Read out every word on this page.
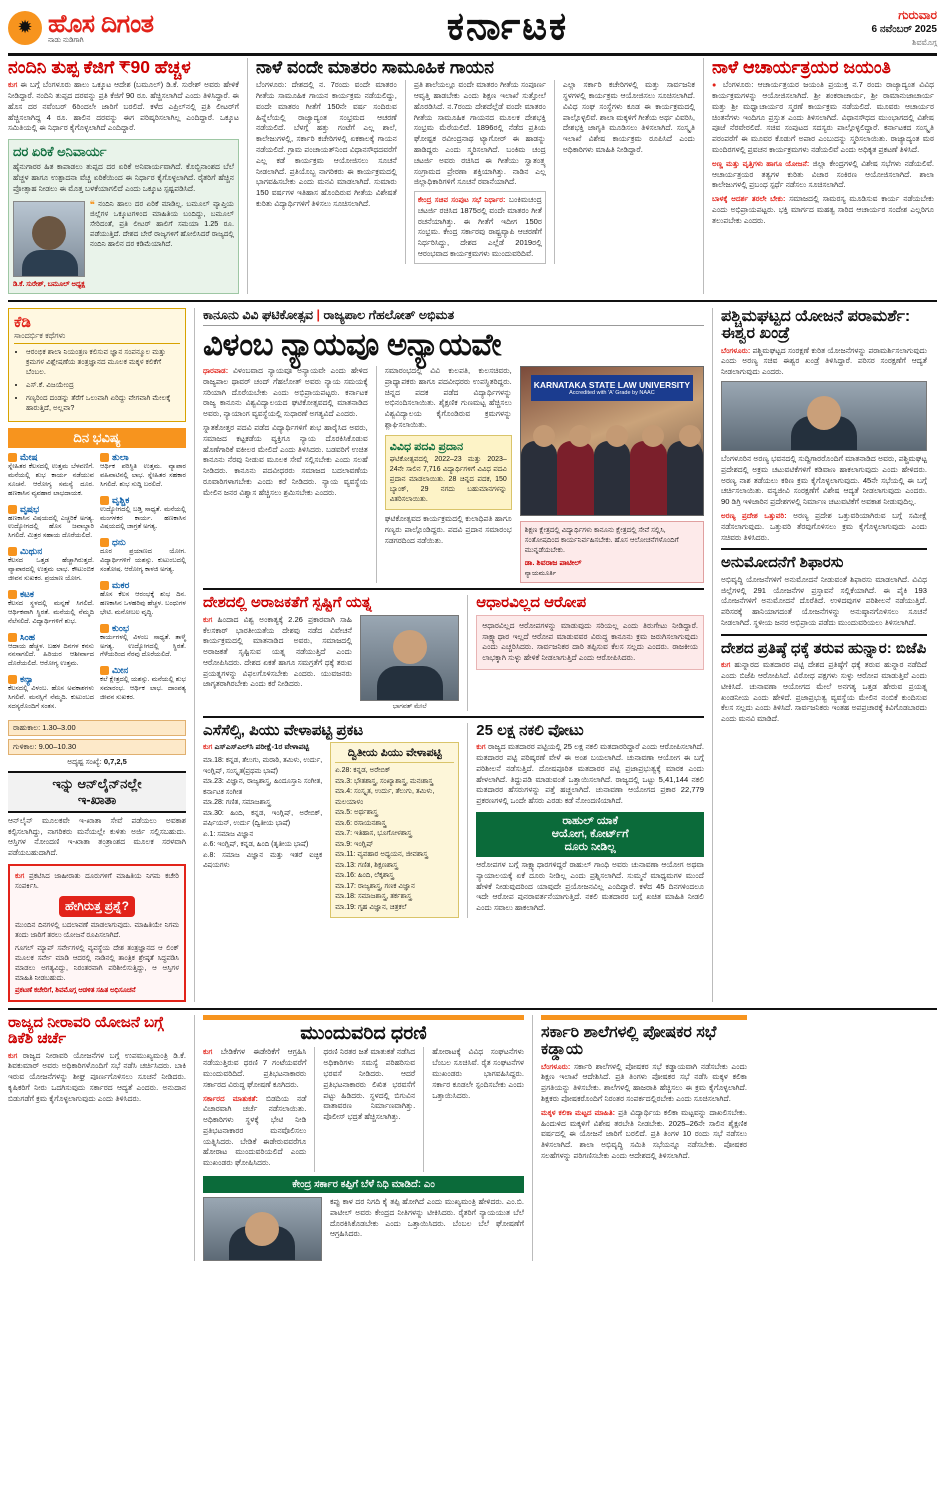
✹ ಹೊಸ ದಿಗಂತ
ನಾಡು ನುಡಿಗಾಗಿ	ಕರ್ನಾಟಕ	ಗುರುವಾರ
6 ನವೆಂಬರ್ 2025
ಶಿವಮೊಗ್ಗ
ನಂದಿನಿ ತುಪ್ಪ ಕೆಜಿಗೆ ₹90 ಹೆಚ್ಚಳ

ಕುಗ ಈ ಬಗ್ಗೆ ಬೆಂಗಳೂರು ಹಾಲು ಒಕ್ಕೂಟ ಆದೇಶ (ಬಮೂಲ್) ಡಿ.ಕೆ. ಸುರೇಶ್ ಅವರು ಹೇಳಿಕೆ ನೀಡಿದ್ದಾರೆ. ನಂದಿನಿ ತುಪ್ಪದ ದರವನ್ನು ಪ್ರತಿ ಕೆಜಿಗೆ 90 ರೂ. ಹೆಚ್ಚಿಸಲಾಗಿದೆ ಎಂದು ತಿಳಿಸಿದ್ದಾರೆ. ಈ ಹೊಸ ದರ ನವೆಂಬರ್ 6ರಿಂದಲೇ ಜಾರಿಗೆ ಬರಲಿದೆ. ಕಳೆದ ಎಪ್ರಿಲ್‌ನಲ್ಲಿ ಪ್ರತಿ ಲೀಟರ್‌ಗೆ ಹೆಚ್ಚಿಸಲಾಗಿದ್ದ 4 ರೂ. ಹಾಲಿನ ದರವನ್ನು ಈಗ ಪರಿಷ್ಕರಿಸಲಾಗಿಲ್ಲ ಎಂದಿದ್ದಾರೆ. ಒಕ್ಕೂಟ ಸಮಿತಿಯಲ್ಲಿ ಈ ನಿರ್ಧಾರ ಕೈಗೊಳ್ಳಲಾಗಿದೆ ಎಂದಿದ್ದಾರೆ.

ದರ ಏರಿಕೆ ಅನಿವಾರ್ಯ
ಹೈನುಗಾರರ ಹಿತ ಕಾಪಾಡಲು ತುಪ್ಪದ ದರ ಏರಿಕೆ ಅನಿವಾರ್ಯವಾಗಿದೆ. ಕೊಬ್ಬಿನಾಂಶದ ಬೆಲೆ ಹೆಚ್ಚಳ ಹಾಗೂ ಉತ್ಪಾದನಾ ವೆಚ್ಚ ಏರಿಕೆಯಿಂದ ಈ ನಿರ್ಧಾರ ಕೈಗೊಳ್ಳಲಾಗಿದೆ. ರೈತರಿಗೆ ಹೆಚ್ಚಿನ ಪ್ರೋತ್ಸಾಹ ನೀಡಲು ಈ ಮೊತ್ತ ಬಳಕೆಯಾಗಲಿದೆ ಎಂದು ಒಕ್ಕೂಟ ಸ್ಪಷ್ಟಪಡಿಸಿದೆ.
❝ ನಂದಿನಿ ಹಾಲು ದರ ಏರಿಕೆ ಮಾಡಿಲ್ಲ. ಬಮೂಲ್ ವ್ಯಾಪ್ತಿಯ ಜಿಲ್ಲೆಗಳ ಒಕ್ಕೂಟಗಳಿಂದ ಮಾಹಿತಿಯ ಬಂದಿದ್ದು, ಬಮೂಲ್ ಸೇರಿದಂತೆ, ಪ್ರತಿ ಲೀಟರ್ ಹಾಲಿಗೆ ಸಮಯಾ 1.25 ರೂ. ಪಡೆಯುತ್ತಿದೆ. ದೇಶದ ಬೇರೆ ರಾಜ್ಯಗಳಿಗೆ ಹೋಲಿಸಿದರೆ ರಾಜ್ಯದಲ್ಲಿ ನಂದಿನಿ ಹಾಲಿನ ದರ ಕಡಿಮೆಯಾಗಿದೆ.
ಡಿ.ಕೆ. ಸುರೇಶ್, ಬಮೂಲ್ ಅಧ್ಯಕ್ಷ
ನಾಳೆ ವಂದೇ ಮಾತರಂ ಸಾಮೂಹಿಕ ಗಾಯನ

ಬೆಂಗಳೂರು: ದೇಶದಲ್ಲಿ ನ. 7ರಂದು ವಂದೇ ಮಾತರಂ ಗೀತೆಯ ಸಾಮೂಹಿಕ ಗಾಯನ ಕಾರ್ಯಕ್ರಮ ನಡೆಯಲಿದ್ದು, ವಂದೇ ಮಾತರಂ ಗೀತೆಗೆ 150ನೇ ವರ್ಷ ಸಂದಿರುವ ಹಿನ್ನೆಲೆಯಲ್ಲಿ ರಾಜ್ಯಾದ್ಯಂತ ಸಂಭ್ರಮದ ಆಚರಣೆ ನಡೆಯಲಿದೆ. ಬೆಳಗ್ಗೆ ಹತ್ತು ಗಂಟೆಗೆ ಎಲ್ಲ ಶಾಲೆ, ಕಾಲೇಜುಗಳಲ್ಲಿ, ಸರ್ಕಾರಿ ಕಚೇರಿಗಳಲ್ಲಿ ಏಕಕಾಲಕ್ಕೆ ಗಾಯನ ನಡೆಯಲಿದೆ. ಗ್ರಾಮ ಪಂಚಾಯತ್‌ನಿಂದ ವಿಧಾನಸೌಧದವರೆಗೆ ಎಲ್ಲ ಕಡೆ ಕಾರ್ಯಕ್ರಮ ಆಯೋಜಿಸಲು ಸೂಚನೆ ನೀಡಲಾಗಿದೆ. ಪ್ರತಿಯೊಬ್ಬ ನಾಗರಿಕರು ಈ ಕಾರ್ಯಕ್ರಮದಲ್ಲಿ ಭಾಗವಹಿಸಬೇಕು ಎಂದು ಮನವಿ ಮಾಡಲಾಗಿದೆ. ಸುಮಾರು 150 ವರ್ಷಗಳ ಇತಿಹಾಸ ಹೊಂದಿರುವ ಗೀತೆಯ ವಿಶೇಷತೆ ಕುರಿತು ವಿದ್ಯಾರ್ಥಿಗಳಿಗೆ ತಿಳಿಸಲು ಸೂಚಿಸಲಾಗಿದೆ.

ಪ್ರತಿ ಶಾಲೆಯಲ್ಲೂ ವಂದೇ ಮಾತರಂ ಗೀತೆಯ ಸಂಪೂರ್ಣ ಆವೃತ್ತಿ ಹಾಡಬೇಕು ಎಂದು ಶಿಕ್ಷಣ ಇಲಾಖೆ ಸುತ್ತೋಲೆ ಹೊರಡಿಸಿದೆ. ನ.7ರಂದು ದೇಶದೆಲ್ಲೆಡೆ ವಂದೇ ಮಾತರಂ ಗೀತೆಯ ಸಾಮೂಹಿಕ ಗಾಯನದ ಮೂಲಕ ದೇಶಭಕ್ತಿ ಸಂಭ್ರಮ ಮೆರೆಯಲಿದೆ. 1896ರಲ್ಲಿ ನೆಡೆದ ಪ್ರತಿಯ ಘೋಷ್ಟಕ ರವೀಂದ್ರನಾಥ ಟ್ಯಾಗೋರ್ ಈ ಹಾಡನ್ನು ಹಾಡಿದ್ದರು ಎಂದು ಸ್ಮರಿಸಲಾಗಿದೆ. ಬಂಕಿಮ ಚಂದ್ರ ಚಟರ್ಜಿ ಅವರು ರಚಿಸಿದ ಈ ಗೀತೆಯು ಸ್ವಾತಂತ್ರ್ಯ ಸಂಗ್ರಾಮದ ಪ್ರೇರಣಾ ಶಕ್ತಿಯಾಗಿತ್ತು. ನಾಡಿನ ಎಲ್ಲ ಜಿಲ್ಲಾಧಿಕಾರಿಗಳಿಗೆ ಸೂಚನೆ ರವಾನೆಯಾಗಿದೆ.

ಕೇಂದ್ರ ಸಚಿವ ಸಂಪುಟ ಸಭೆ ನಿರ್ಧಾರ: ಬಂಕಿಮಚಂದ್ರ ಚಟರ್ಜಿ ರಚಿಸಿದ 1875ರಲ್ಲಿ ವಂದೇ ಮಾತರಂ ಗೀತೆ ರಚನೆಯಾಗಿತ್ತು. ಈ ಗೀತೆಗೆ ಇದೀಗ 150ರ ಸಂಭ್ರಮ. ಕೇಂದ್ರ ಸರ್ಕಾರವು ರಾಷ್ಟ್ರವ್ಯಾಪಿ ಆಚರಣೆಗೆ ನಿರ್ಧರಿಸಿದ್ದು, ದೇಶದ ಎಲ್ಲೆಡೆ 2019ರಲ್ಲಿ ಆರಂಭವಾದ ಕಾರ್ಯಕ್ರಮಗಳು ಮುಂದುವರಿದಿವೆ.

ಎಲ್ಲಾ ಸರ್ಕಾರಿ ಕಚೇರಿಗಳಲ್ಲಿ ಮತ್ತು ಸಾರ್ವಜನಿಕ ಸ್ಥಳಗಳಲ್ಲಿ ಕಾರ್ಯಕ್ರಮ ಆಯೋಜಿಸಲು ಸೂಚಿಸಲಾಗಿದೆ. ವಿವಿಧ ಸಂಘ ಸಂಸ್ಥೆಗಳು ಕೂಡ ಈ ಕಾರ್ಯಕ್ರಮದಲ್ಲಿ ಪಾಲ್ಗೊಳ್ಳಲಿವೆ. ಶಾಲಾ ಮಕ್ಕಳಿಗೆ ಗೀತೆಯ ಅರ್ಥ ವಿವರಿಸಿ, ದೇಶಭಕ್ತಿ ಜಾಗೃತಿ ಮೂಡಿಸಲು ತಿಳಿಸಲಾಗಿದೆ. ಸಂಸ್ಕೃತಿ ಇಲಾಖೆ ವಿಶೇಷ ಕಾರ್ಯಕ್ರಮ ರೂಪಿಸಿದೆ ಎಂದು ಅಧಿಕಾರಿಗಳು ಮಾಹಿತಿ ನೀಡಿದ್ದಾರೆ.

ನಾಳೆ ಆಚಾರ್ಯತ್ರಯರ ಜಯಂತಿ

● ಬೆಂಗಳೂರು: ಆಚಾರ್ಯತ್ರಯರ ಜಯಂತಿ ಪ್ರಯುಕ್ತ ನ.7 ರಂದು ರಾಜ್ಯಾದ್ಯಂತ ವಿವಿಧ ಕಾರ್ಯಕ್ರಮಗಳನ್ನು ಆಯೋಜಿಸಲಾಗಿದೆ. ಶ್ರೀ ಶಂಕರಾಚಾರ್ಯ, ಶ್ರೀ ರಾಮಾನುಜಾಚಾರ್ಯ ಮತ್ತು ಶ್ರೀ ಮಧ್ವಾಚಾರ್ಯರ ಸ್ಮರಣೆ ಕಾರ್ಯಕ್ರಮ ನಡೆಯಲಿದೆ. ಮೂವರು ಆಚಾರ್ಯರ ಚಿಂತನೆಗಳು ಇಂದಿಗೂ ಪ್ರಸ್ತುತ ಎಂದು ತಿಳಿಸಲಾಗಿದೆ. ವಿಧಾನಸೌಧದ ಮುಂಭಾಗದಲ್ಲಿ ವಿಶೇಷ ಪೂಜೆ ನೆರವೇರಲಿದೆ. ಸಚಿವ ಸಂಪುಟದ ಸದಸ್ಯರು ಪಾಲ್ಗೊಳ್ಳಲಿದ್ದಾರೆ. ಕರ್ನಾಟಕದ ಸಂಸ್ಕೃತಿ ಪರಂಪರೆಗೆ ಈ ಮೂವರ ಕೊಡುಗೆ ಅಪಾರ ಎಂಬುದನ್ನು ಸ್ಮರಿಸಲಾಯಿತು. ರಾಜ್ಯಾದ್ಯಂತ ಮಠ ಮಂದಿರಗಳಲ್ಲಿ ಪ್ರವಚನ ಕಾರ್ಯಕ್ರಮಗಳು ನಡೆಯಲಿವೆ ಎಂದು ಅಧಿಕೃತ ಪ್ರಕಟಣೆ ತಿಳಿಸಿದೆ.

ಅಣ್ಣ ಮತ್ತು ವೃತ್ತಿಗಳು ಹಾಗೂ ಯೋಜನೆ: ಜಿಲ್ಲಾ ಕೇಂದ್ರಗಳಲ್ಲಿ ವಿಶೇಷ ಸಭೆಗಳು ನಡೆಯಲಿವೆ. ಆಚಾರ್ಯತ್ರಯರ ತತ್ವಗಳ ಕುರಿತು ವಿಚಾರ ಸಂಕಿರಣ ಆಯೋಜಿಸಲಾಗಿದೆ. ಶಾಲಾ ಕಾಲೇಜುಗಳಲ್ಲಿ ಪ್ರಬಂಧ ಸ್ಪರ್ಧೆ ನಡೆಸಲು ಸೂಚಿಸಲಾಗಿದೆ.

ಬಾಳಕ್ಕೆ ಆದರ್ಶ ತರಲೇ ಬೇಕು: ಸಮಾಜದಲ್ಲಿ ಸಾಮರಸ್ಯ ಮೂಡಿಸುವ ಕಾರ್ಯ ನಡೆಯಬೇಕು ಎಂದು ಅಭಿಪ್ರಾಯಪಟ್ಟರು. ಭಕ್ತಿ ಮಾರ್ಗದ ಮಹತ್ವ ಸಾರಿದ ಆಚಾರ್ಯರ ಸಂದೇಶ ಎಲ್ಲರಿಗೂ ತಲುಪಬೇಕು ಎಂದರು.

ಕೆಡಿ
ಸಾಂದರ್ಭಿಕ ಕಥೆಗಳು
• ಆರಂಭಿಕ ಶಾಲಾ ನಿಯಂತ್ರಣ ಕಲಿಸುವ ಜ್ಞಾನ ಸಂಪನ್ಮೂಲ ಮತ್ತು ಕ್ರಮಗಳ ವಿಶ್ಲೇಷಣೆಯ ತಂತ್ರಜ್ಞಾನದ ಮೂಲಕ ಮಕ್ಕಳ ಕಲಿಕೆಗೆ ಬೆಂಬಲ.
• ಎಸ್.ಕೆ. ವಿಜಯೇಂದ್ರ
• ಗಣ್ಯರಿಂದ ದಂಡನ್ನು ತೆರೆಗೆ ಒಲುವಾಗಿ ಏರಿದ್ದು ವೇಗವಾಗಿ ಮೇಲಕ್ಕೆ ಹಾರುತ್ತಿದೆ, ಅಲ್ಲವಾ?
ದಿನ ಭವಿಷ್ಯ
ಮೇಷ
ಸ್ನೇಹಿತರ ಕೆಲಸದಲ್ಲಿ ಉತ್ತಮ ಬೆಳವಣಿಗೆ. ಮನೆಯಲ್ಲಿ ಶುಭ ಕಾರ್ಯ ನಡೆಯುವ ಸೂಚನೆ. ಆರೋಗ್ಯ ಸಮಸ್ಯೆ ದೂರ. ಹಣಕಾಸಿನ ವ್ಯವಹಾರ ಲಾಭದಾಯಕ.
ವೃಷಭ
ಹಣಕಾಸಿನ ವಿಷಯದಲ್ಲಿ ಎಚ್ಚರಿಕೆ ಅಗತ್ಯ. ಉದ್ಯೋಗದಲ್ಲಿ ಹೊಸ ಜವಾಬ್ದಾರಿ ಸಿಗಲಿದೆ. ಮಿತ್ರರ ಸಹಾಯ ದೊರೆಯಲಿದೆ.
ಮಿಥುನ
ಕೆಲಸದ ಒತ್ತಡ ಹೆಚ್ಚಾಗಿರುತ್ತದೆ. ವ್ಯಾಪಾರದಲ್ಲಿ ಉತ್ತಮ ಲಾಭ. ಕೌಟುಂಬಿಕ ಜೀವನ ಸುಖಕರ. ಪ್ರಯಾಣ ಯೋಗ.
ಕಟಕ
ಕೆಲಸದ ಸ್ಥಳದಲ್ಲಿ ಮನ್ನಣೆ ಸಿಗಲಿದೆ. ಆರ್ಥಿಕವಾಗಿ ಸ್ಥಿರತೆ. ಮನೆಯಲ್ಲಿ ನೆಮ್ಮದಿ ನೆಲೆಸಲಿದೆ. ವಿದ್ಯಾರ್ಥಿಗಳಿಗೆ ಶುಭ.
ಸಿಂಹ
ಆದಾಯ ಹೆಚ್ಚಳ. ಬಹಳ ದಿನಗಳ ಕನಸು ನನಸಾಗಲಿದೆ. ಹಿರಿಯರ ಆಶೀರ್ವಾದ ದೊರೆಯಲಿದೆ. ಆರೋಗ್ಯ ಉತ್ತಮ.
ಕನ್ಯಾ
ಕೆಲಸದಲ್ಲಿ ವಿಳಂಬ. ಹೊಸ ಅವಕಾಶಗಳು ಸಿಗಲಿವೆ. ಮನಸ್ಸಿಗೆ ನೆಮ್ಮದಿ. ಕುಟುಂಬದ ಸದಸ್ಯರೊಂದಿಗೆ ಸಂತಸ.
ತುಲಾ
ಆರ್ಥಿಕ ಪರಿಸ್ಥಿತಿ ಉತ್ತಮ. ವ್ಯಾಪಾರ ವಹಿವಾಟಿನಲ್ಲಿ ಲಾಭ. ಸ್ನೇಹಿತರ ಸಹಕಾರ ಸಿಗಲಿದೆ. ಶುಭ ಸುದ್ದಿ ಬರಲಿದೆ.
ವೃಶ್ಚಿಕ
ಉದ್ಯೋಗದಲ್ಲಿ ಬಡ್ತಿ ಸಾಧ್ಯತೆ. ಮನೆಯಲ್ಲಿ ಮಂಗಳಕರ ಕಾರ್ಯ. ಹಣಕಾಸಿನ ವಿಷಯದಲ್ಲಿ ಜಾಗ್ರತೆ ಅಗತ್ಯ.
ಧನು
ದೂರ ಪ್ರಯಾಣದ ಯೋಗ. ವಿದ್ಯಾರ್ಥಿಗಳಿಗೆ ಯಶಸ್ಸು. ಕುಟುಂಬದಲ್ಲಿ ಸಂತೋಷ. ಆರೋಗ್ಯ ಕಾಳಜಿ ಅಗತ್ಯ.
ಮಕರ
ಹೊಸ ಕೆಲಸ ಆರಂಭಕ್ಕೆ ಶುಭ ದಿನ. ಹಣಕಾಸಿನ ಒಳಹರಿವು ಹೆಚ್ಚಳ. ಬಂಧುಗಳ ಭೇಟಿ. ಮನೋಬಲ ವೃದ್ಧಿ.
ಕುಂಭ
ಕಾರ್ಯಗಳಲ್ಲಿ ವಿಳಂಬ ಸಾಧ್ಯತೆ. ತಾಳ್ಮೆ ಅಗತ್ಯ. ಉದ್ಯೋಗದಲ್ಲಿ ಸ್ಥಿರತೆ. ಗೆಳೆಯರಿಂದ ನೆರವು ದೊರೆಯಲಿದೆ.
ಮೀನ
ಕಲೆ ಕ್ಷೇತ್ರದಲ್ಲಿ ಯಶಸ್ಸು. ಮನೆಯಲ್ಲಿ ಶುಭ ಸಮಾರಂಭ. ಆರ್ಥಿಕ ಲಾಭ. ದಾಂಪತ್ಯ ಜೀವನ ಸುಖಕರ.
ರಾಹುಕಾಲ: 1.30–3.00
ಗುಳಿಕಾಲ: 9.00–10.30
ಅದೃಷ್ಟ ಸಂಖ್ಯೆ: 0,7,2,5
ಇನ್ನು ಆನ್‌ಲೈನ್‌ನಲ್ಲೇ
ಇ-ಖಾತಾ
ಆನ್‌ಲೈನ್ ಮೂಲಕವೇ ಇ-ಖಾತಾ ಸೇವೆ ಪಡೆಯಲು ಅವಕಾಶ ಕಲ್ಪಿಸಲಾಗಿದ್ದು, ನಾಗರಿಕರು ಮನೆಯಲ್ಲೇ ಕುಳಿತು ಅರ್ಜಿ ಸಲ್ಲಿಸಬಹುದು. ಆಸ್ತಿಗಳ ನೋಂದಣಿ ಇ-ಖಾತಾ ತಂತ್ರಾಂಶದ ಮೂಲಕ ಸರಳವಾಗಿ ಪಡೆಯಬಹುದಾಗಿದೆ.
ಕುಗ ಪ್ರಕಟಿಸಿದ ಜಾಹೀರಾತು ದೂರುಗಳಿಗೆ ಮಾಹಿತಿಯ ನಿಗಮ ಕಚೇರಿ ಸಂಪರ್ಕಿಸಿ.
ಹೇಗಿರುತ್ತ ಪ್ರಶ್ನೆ?
ಮುಂದಿನ ದಿನಗಳಲ್ಲಿ ಬದಲಾವಣೆ ಮಾಡಲಾಗುವುದು. ಮಾಹಿತಿಯೇ ನಿಗಮ ತಂದು ಜಾರಿಗೆ ತರಲು ಯೋಜನೆ ರೂಪಿಸಲಾಗಿದೆ.
ಗೂಗಲ್ ಮ್ಯಾಪ್ ಸರ್ವೇಗಳಲ್ಲಿ ವ್ಯವಸ್ಥೆಯ ದೇಶ ತಂತ್ರಜ್ಞಾನದ ಆ ಲಿಂಕ್ ಮೂಲಕ ಸರ್ವೇ ಮಾಡಿ ಆದರಲ್ಲಿ ನಾಡಿನಲ್ಲಿ ತಾಂತ್ರಿಕ ಶ್ರೇಷ್ಠತೆ ಸಿದ್ಧಪಡಿಸಿ ಮಾಡಲು ಅಗತ್ಯವಿದ್ದು, ನಿರಂತರವಾಗಿ ಪರಿಶೀಲಿಸುತ್ತಿದ್ದು, ಆ ಆಸ್ತಿಗಳ ಮಾಹಿತಿ ನೀಡಬಹುದು.
ಪ್ರಕಟಣೆ ಕಚೇರಿಗೆ, ಶಿವಮೊಗ್ಗ ಆಡಳಿತ ಸಹಿತ ಅಧಿಸೂಚನೆ
ಕಾನೂನು ವಿವಿ ಘಟಿಕೋತ್ಸವ | ರಾಜ್ಯಪಾಲ ಗೆಹಲೋತ್ ಅಭಿಮತ
ವಿಳಂಬ ನ್ಯಾಯವೂ ಅನ್ಯಾಯವೇ

ಧಾರವಾಡ: ವಿಳಂಬವಾದ ನ್ಯಾಯವೂ ಅನ್ಯಾಯವೇ ಎಂದು ಹೇಳಿದ ರಾಜ್ಯಪಾಲ ಥಾವರ್ ಚಂದ್ ಗೆಹಲೋತ್ ಅವರು ನ್ಯಾಯ ಸಮಯಕ್ಕೆ ಸರಿಯಾಗಿ ದೊರೆಯಬೇಕು ಎಂದು ಅಭಿಪ್ರಾಯಪಟ್ಟರು. ಕರ್ನಾಟಕ ರಾಜ್ಯ ಕಾನೂನು ವಿಶ್ವವಿದ್ಯಾಲಯದ ಘಟಿಕೋತ್ಸವದಲ್ಲಿ ಮಾತನಾಡಿದ ಅವರು, ನ್ಯಾಯಾಂಗ ವ್ಯವಸ್ಥೆಯಲ್ಲಿ ಸುಧಾರಣೆ ಅಗತ್ಯವಿದೆ ಎಂದರು.

ಸ್ನಾತಕೋತ್ತರ ಪದವಿ ಪಡೆದ ವಿದ್ಯಾರ್ಥಿಗಳಿಗೆ ಶುಭ ಹಾರೈಸಿದ ಅವರು, ಸಮಾಜದ ಕಟ್ಟಕಡೆಯ ವ್ಯಕ್ತಿಗೂ ನ್ಯಾಯ ದೊರಕಿಸಿಕೊಡುವ ಹೊಣೆಗಾರಿಕೆ ವಕೀಲರ ಮೇಲಿದೆ ಎಂದು ತಿಳಿಸಿದರು. ಬಡವರಿಗೆ ಉಚಿತ ಕಾನೂನು ನೆರವು ನೀಡುವ ಮೂಲಕ ಸೇವೆ ಸಲ್ಲಿಸಬೇಕು ಎಂದು ಸಲಹೆ ನೀಡಿದರು. ಕಾನೂನು ಪದವೀಧರರು ಸಮಾಜದ ಬದಲಾವಣೆಯ ರೂವಾರಿಗಳಾಗಬೇಕು ಎಂದು ಕರೆ ನೀಡಿದರು. ನ್ಯಾಯ ವ್ಯವಸ್ಥೆಯ ಮೇಲಿನ ಜನರ ವಿಶ್ವಾಸ ಹೆಚ್ಚಿಸಲು ಶ್ರಮಿಸಬೇಕು ಎಂದರು.

ಸಮಾರಂಭದಲ್ಲಿ ವಿವಿ ಕುಲಪತಿ, ಕುಲಸಚಿವರು, ಪ್ರಾಧ್ಯಾಪಕರು ಹಾಗೂ ಪದವೀಧರರು ಉಪಸ್ಥಿತರಿದ್ದರು. ಚಿನ್ನದ ಪದಕ ಪಡೆದ ವಿದ್ಯಾರ್ಥಿಗಳನ್ನು ಅಭಿನಂದಿಸಲಾಯಿತು. ಶೈಕ್ಷಣಿಕ ಗುಣಮಟ್ಟ ಹೆಚ್ಚಿಸಲು ವಿಶ್ವವಿದ್ಯಾಲಯ ಕೈಗೊಂಡಿರುವ ಕ್ರಮಗಳನ್ನು ಶ್ಲಾಘಿಸಲಾಯಿತು.

ವಿವಿಧ ಪದವಿ ಪ್ರದಾನ
ಘಟಿಕೋತ್ಸವದಲ್ಲಿ 2022–23 ಮತ್ತು 2023–24ನೇ ಸಾಲಿನ 7,716 ವಿದ್ಯಾರ್ಥಿಗಳಿಗೆ ವಿವಿಧ ಪದವಿ ಪ್ರದಾನ ಮಾಡಲಾಯಿತು. 28 ಚಿನ್ನದ ಪದಕ, 150 ಬ್ಯಾಂಕ್, 29 ನಗದು ಬಹುಮಾನಗಳನ್ನು ವಿತರಿಸಲಾಯಿತು.

ಘಟಿಕೋತ್ಸವದ ಕಾರ್ಯಕ್ರಮದಲ್ಲಿ ಕುಲಾಧಿಪತಿ ಹಾಗೂ ಗಣ್ಯರು ಪಾಲ್ಗೊಂಡಿದ್ದರು. ಪದವಿ ಪ್ರದಾನ ಸಮಾರಂಭ ಸಡಗರದಿಂದ ನಡೆಯಿತು.

KARNATAKA STATE LAW UNIVERSITY
Accredited with 'A' Grade by NAAC
ಶಿಕ್ಷಣ ಕ್ಷೇತ್ರದಲ್ಲಿ ವಿದ್ಯಾರ್ಥಿಗಳು ಕಾನೂನು ಕ್ಷೇತ್ರದಲ್ಲಿ ಸೇವೆ ಸಲ್ಲಿಸಿ, ಸಂತೋಷದಿಂದ ಕಾರ್ಯನಿರ್ವಹಿಸಬೇಕು. ಹೊಸ ಆಲೋಚನೆಗಳೊಂದಿಗೆ ಮುನ್ನಡೆಯಬೇಕು.
ಡಾ. ಶಿವರಾಜ ಪಾಟೀಲ್
ನ್ಯಾಯಮೂರ್ತಿ
ದೇಶದಲ್ಲಿ ಅರಾಜಕತೆಗೆ ಸ್ಪಷ್ಟಿಗೆ ಯತ್ನ

ಕುಗ ಹಿಂದಾದ ವಿಶ್ವ ಅಂಕಾತ್ಯಕ್ಕೆ 2.26 ಪ್ರಕಾರವಾಗಿ ಸಾಹಿ ಕೆಲಸಕಾರ್ ಭಾರತೀಯತೆಯ ದೇಶವು ನಡೆದ ವಿವೇಚನೆ ಕಾರ್ಯಕ್ರಮದಲ್ಲಿ ಮಾತನಾಡಿದ ಅವರು, ಸಮಾಜದಲ್ಲಿ ಅರಾಜಕತೆ ಸೃಷ್ಟಿಸುವ ಯತ್ನ ನಡೆಯುತ್ತಿದೆ ಎಂದು ಆರೋಪಿಸಿದರು. ದೇಶದ ಏಕತೆ ಹಾಗೂ ಸಮಗ್ರತೆಗೆ ಧಕ್ಕೆ ತರುವ ಪ್ರಯತ್ನಗಳನ್ನು ವಿಫಲಗೊಳಿಸಬೇಕು ಎಂದರು. ಯುವಜನರು ಜಾಗೃತರಾಗಿರಬೇಕು ಎಂದು ಕರೆ ನೀಡಿದರು.

ಭಾಗವತ್ ಮೇಲೆ
ಆಧಾರವಿಲ್ಲದ ಆರೋಪ
ಆಧಾರವಿಲ್ಲದ ಆರೋಪಗಳನ್ನು ಮಾಡುವುದು ಸರಿಯಲ್ಲ ಎಂದು ತಿರುಗೇಟು ನೀಡಿದ್ದಾರೆ. ಸಾಕ್ಷ್ಯಾಧಾರ ಇಲ್ಲದೆ ಆರೋಪ ಮಾಡುವವರ ವಿರುದ್ಧ ಕಾನೂನು ಕ್ರಮ ಜರುಗಿಸಲಾಗುವುದು ಎಂದು ಎಚ್ಚರಿಸಿದರು. ಸಾರ್ವಜನಿಕರ ದಾರಿ ತಪ್ಪಿಸುವ ಕೆಲಸ ಸಲ್ಲದು ಎಂದರು. ರಾಜಕೀಯ ಲಾಭಕ್ಕಾಗಿ ಸುಳ್ಳು ಹೇಳಿಕೆ ನೀಡಲಾಗುತ್ತಿದೆ ಎಂದು ಆರೋಪಿಸಿದರು.
ಎಸೆಸೆಲ್ಸಿ, ಪಿಯು ವೇಳಾಪಟ್ಟಿ ಪ್ರಕಟ

ಕುಗ ಎಸ್‌ಎಸ್‌ಎಲ್‌ಸಿ ಪರೀಕ್ಷೆ-1ರ ವೇಳಾಪಟ್ಟಿ

ಮಾ.18: ಕನ್ನಡ, ತೆಲುಗು, ಮರಾಠಿ, ತಮಿಳು, ಉರ್ದು, ಇಂಗ್ಲಿಷ್, ಸಂಸ್ಕೃತ(ಪ್ರಥಮ ಭಾಷೆ)
ಮಾ.23: ವಿಜ್ಞಾನ, ರಾಜ್ಯಶಾಸ್ತ್ರ, ಹಿಂದೂಸ್ತಾನಿ ಸಂಗೀತ, ಕರ್ನಾಟಕ ಸಂಗೀತ
ಮಾ.28: ಗಣಿತ, ಸಮಾಜಶಾಸ್ತ್ರ
ಮಾ.30: ಹಿಂದಿ, ಕನ್ನಡ, ಇಂಗ್ಲಿಷ್, ಅರೇಬಿಕ್, ಪರ್ಷಿಯನ್, ಉರ್ದು (ದ್ವಿತೀಯ ಭಾಷೆ)
ಏ.1: ಸಮಾಜ ವಿಜ್ಞಾನ
ಏ.6: ಇಂಗ್ಲಿಷ್, ಕನ್ನಡ, ಹಿಂದಿ (ತೃತೀಯ ಭಾಷೆ)
ಏ.8: ಸಮಾಜ ವಿಜ್ಞಾನ ಮತ್ತು ಇತರೆ ಐಚ್ಛಿಕ ವಿಷಯಗಳು
ದ್ವಿತೀಯ ಪಿಯು ವೇಳಾಪಟ್ಟಿ
ಏ.28: ಕನ್ನಡ, ಅರೇಬಿಕ್
ಮಾ.3: ಭೌತಶಾಸ್ತ್ರ, ಸಂಖ್ಯಾಶಾಸ್ತ್ರ, ಮನಃಶಾಸ್ತ್ರ
ಮಾ.4: ಸಂಸ್ಕೃತ, ಉರ್ದು, ತೆಲುಗು, ತಮಿಳು, ಮಲಯಾಳಂ
ಮಾ.5: ಅರ್ಥಶಾಸ್ತ್ರ
ಮಾ.6: ರಸಾಯನಶಾಸ್ತ್ರ
ಮಾ.7: ಇತಿಹಾಸ, ಭೂಗೋಳಶಾಸ್ತ್ರ
ಮಾ.9: ಇಂಗ್ಲಿಷ್
ಮಾ.11: ವ್ಯವಹಾರ ಅಧ್ಯಯನ, ಜೀವಶಾಸ್ತ್ರ
ಮಾ.13: ಗಣಿತ, ಶಿಕ್ಷಣಶಾಸ್ತ್ರ
ಮಾ.16: ಹಿಂದಿ, ಲೆಕ್ಕಶಾಸ್ತ್ರ
ಮಾ.17: ರಾಜ್ಯಶಾಸ್ತ್ರ, ಗಣಕ ವಿಜ್ಞಾನ
ಮಾ.18: ಸಮಾಜಶಾಸ್ತ್ರ, ತರ್ಕಶಾಸ್ತ್ರ
ಮಾ.19: ಗೃಹ ವಿಜ್ಞಾನ, ಚಿತ್ರಕಲೆ
25 ಲಕ್ಷ ನಕಲಿ ವೋಟು

ಕುಗ ರಾಜ್ಯದ ಮತದಾರರ ಪಟ್ಟಿಯಲ್ಲಿ 25 ಲಕ್ಷ ನಕಲಿ ಮತದಾರರಿದ್ದಾರೆ ಎಂದು ಆರೋಪಿಸಲಾಗಿದೆ. ಮತದಾರರ ಪಟ್ಟಿ ಪರಿಷ್ಕರಣೆ ವೇಳೆ ಈ ಅಂಶ ಬಯಲಾಗಿದೆ. ಚುನಾವಣಾ ಆಯೋಗ ಈ ಬಗ್ಗೆ ಪರಿಶೀಲನೆ ನಡೆಸುತ್ತಿದೆ. ದೋಷಪೂರಿತ ಮತದಾರರ ಪಟ್ಟಿ ಪ್ರಜಾಪ್ರಭುತ್ವಕ್ಕೆ ಮಾರಕ ಎಂದು ಹೇಳಲಾಗಿದೆ. ತಿದ್ದುಪಡಿ ಮಾಡುವಂತೆ ಒತ್ತಾಯಿಸಲಾಗಿದೆ. ರಾಜ್ಯದಲ್ಲಿ ಒಟ್ಟು 5,41,144 ನಕಲಿ ಮತದಾರರ ಹೆಸರುಗಳನ್ನು ಪತ್ತೆ ಹಚ್ಚಲಾಗಿದೆ. ಚುನಾವಣಾ ಆಯೋಗದ ಪ್ರಕಾರ 22,779 ಪ್ರಕರಣಗಳಲ್ಲಿ ಒಂದೇ ಹೆಸರು ಎರಡು ಕಡೆ ನೋಂದಣಿಯಾಗಿದೆ.

ರಾಹುಲ್ ಯಾಕೆ
ಆಯೋಗ, ಕೋರ್ಟ್‌ಗೆ
ದೂರು ನೀಡಿಲ್ಲ
ಆರೋಪಗಳ ಬಗ್ಗೆ ಸಾಕ್ಷ್ಯಾಧಾರಗಳಿದ್ದರೆ ರಾಹುಲ್ ಗಾಂಧಿ ಅವರು ಚುನಾವಣಾ ಆಯೋಗ ಅಥವಾ ನ್ಯಾಯಾಲಯಕ್ಕೆ ಏಕೆ ದೂರು ನೀಡಿಲ್ಲ ಎಂದು ಪ್ರಶ್ನಿಸಲಾಗಿದೆ. ಸುಮ್ಮನೆ ಮಾಧ್ಯಮಗಳ ಮುಂದೆ ಹೇಳಿಕೆ ನೀಡುವುದರಿಂದ ಯಾವುದೇ ಪ್ರಯೋಜನವಿಲ್ಲ ಎಂದಿದ್ದಾರೆ. ಕಳೆದ 45 ದಿನಗಳಿಂದಲೂ ಇದೇ ಆರೋಪ ಪುನರಾವರ್ತನೆಯಾಗುತ್ತಿದೆ. ನಕಲಿ ಮತದಾರರ ಬಗ್ಗೆ ಖಚಿತ ಮಾಹಿತಿ ನೀಡಲಿ ಎಂದು ಸವಾಲು ಹಾಕಲಾಗಿದೆ.
ಪಶ್ಚಿಮಘಟ್ಟದ ಯೋಜನೆ ಪರಾಮರ್ಶೆ: ಈಶ್ವರ ಖಂಡ್ರೆ

ಬೆಂಗಳೂರು: ಪಶ್ಚಿಮಘಟ್ಟದ ಸಂರಕ್ಷಣೆ ಕುರಿತ ಯೋಜನೆಗಳನ್ನು ಪರಾಮರ್ಶಿಸಲಾಗುವುದು ಎಂದು ಅರಣ್ಯ ಸಚಿವ ಈಶ್ವರ ಖಂಡ್ರೆ ತಿಳಿಸಿದ್ದಾರೆ. ಪರಿಸರ ಸಂರಕ್ಷಣೆಗೆ ಆದ್ಯತೆ ನೀಡಲಾಗುವುದು ಎಂದರು.

ಬೆಂಗಳೂರಿನ ಅರಣ್ಯ ಭವನದಲ್ಲಿ ಸುದ್ದಿಗಾರರೊಂದಿಗೆ ಮಾತನಾಡಿದ ಅವರು, ಪಶ್ಚಿಮಘಟ್ಟ ಪ್ರದೇಶದಲ್ಲಿ ಅಕ್ರಮ ಚಟುವಟಿಕೆಗಳಿಗೆ ಕಡಿವಾಣ ಹಾಕಲಾಗುವುದು ಎಂದು ಹೇಳಿದರು. ಅರಣ್ಯ ನಾಶ ತಡೆಯಲು ಕಠಿಣ ಕ್ರಮ ಕೈಗೊಳ್ಳಲಾಗುವುದು. 45ನೇ ಸಭೆಯಲ್ಲಿ ಈ ಬಗ್ಗೆ ಚರ್ಚಿಸಲಾಯಿತು. ವನ್ಯಜೀವಿ ಸಂರಕ್ಷಣೆಗೆ ವಿಶೇಷ ಆದ್ಯತೆ ನೀಡಲಾಗುವುದು ಎಂದರು. 90 ಡಿಗ್ರಿ ಇಳಿಜಾರಿನ ಪ್ರದೇಶಗಳಲ್ಲಿ ನಿರ್ಮಾಣ ಚಟುವಟಿಕೆಗೆ ಅವಕಾಶ ನೀಡುವುದಿಲ್ಲ.

ಅರಣ್ಯ ಪ್ರದೇಶ ಒತ್ತುವರಿ: ಅರಣ್ಯ ಪ್ರದೇಶ ಒತ್ತುವರಿಯಾಗಿರುವ ಬಗ್ಗೆ ಸಮೀಕ್ಷೆ ನಡೆಸಲಾಗುವುದು. ಒತ್ತುವರಿ ತೆರವುಗೊಳಿಸಲು ಕ್ರಮ ಕೈಗೊಳ್ಳಲಾಗುವುದು ಎಂದು ಸಚಿವರು ತಿಳಿಸಿದರು.

ಅನುಮೋದನೆಗೆ ಶಿಫಾರಸು
ಅಭಿವೃದ್ಧಿ ಯೋಜನೆಗಳಿಗೆ ಅನುಮೋದನೆ ನೀಡುವಂತೆ ಶಿಫಾರಸು ಮಾಡಲಾಗಿದೆ. ವಿವಿಧ ಜಿಲ್ಲೆಗಳಲ್ಲಿ 291 ಯೋಜನೆಗಳ ಪ್ರಸ್ತಾವನೆ ಸಲ್ಲಿಕೆಯಾಗಿದೆ. ಈ ಪೈಕಿ 193 ಯೋಜನೆಗಳಿಗೆ ಅನುಮೋದನೆ ದೊರೆತಿದೆ. ಉಳಿದವುಗಳ ಪರಿಶೀಲನೆ ನಡೆಯುತ್ತಿದೆ. ಪರಿಸರಕ್ಕೆ ಹಾನಿಯಾಗದಂತೆ ಯೋಜನೆಗಳನ್ನು ಅನುಷ್ಠಾನಗೊಳಿಸಲು ಸೂಚನೆ ನೀಡಲಾಗಿದೆ. ಸ್ಥಳೀಯ ಜನರ ಅಭಿಪ್ರಾಯ ಪಡೆದು ಮುಂದುವರಿಯಲು ತಿಳಿಸಲಾಗಿದೆ.
ದೇಶದ ಪ್ರತಿಷ್ಠೆ ಧಕ್ಕೆ ತರುವ ಹುನ್ನಾರ: ಬಿಜೆಪಿ

ಕುಗ ಹುನ್ನಾರದ ಮತದಾರರ ಪಟ್ಟಿ ದೇಶದ ಪ್ರತಿಷ್ಠೆಗೆ ಧಕ್ಕೆ ತರುವ ಹುನ್ನಾರ ನಡೆದಿದೆ ಎಂದು ಬಿಜೆಪಿ ಆರೋಪಿಸಿದೆ. ವಿರೋಧ ಪಕ್ಷಗಳು ಸುಳ್ಳು ಆರೋಪ ಮಾಡುತ್ತಿವೆ ಎಂದು ಟೀಕಿಸಿದೆ. ಚುನಾವಣಾ ಆಯೋಗದ ಮೇಲೆ ಅನಗತ್ಯ ಒತ್ತಡ ಹೇರುವ ಪ್ರಯತ್ನ ಖಂಡನೀಯ ಎಂದು ಹೇಳಿದೆ. ಪ್ರಜಾಪ್ರಭುತ್ವ ವ್ಯವಸ್ಥೆಯ ಮೇಲಿನ ನಂಬಿಕೆ ಕುಂದಿಸುವ ಕೆಲಸ ಸಲ್ಲದು ಎಂದು ತಿಳಿಸಿದೆ. ಸಾರ್ವಜನಿಕರು ಇಂತಹ ಅಪಪ್ರಚಾರಕ್ಕೆ ಕಿವಿಗೊಡಬಾರದು ಎಂದು ಮನವಿ ಮಾಡಿದೆ.

ರಾಜ್ಯದ ನೀರಾವರಿ ಯೋಜನೆ ಬಗ್ಗೆ ಡಿಕೆಶಿ ಚರ್ಚೆ

ಕುಗ ರಾಜ್ಯದ ನೀರಾವರಿ ಯೋಜನೆಗಳ ಬಗ್ಗೆ ಉಪಮುಖ್ಯಮಂತ್ರಿ ಡಿ.ಕೆ. ಶಿವಕುಮಾರ್ ಅವರು ಅಧಿಕಾರಿಗಳೊಂದಿಗೆ ಸಭೆ ನಡೆಸಿ ಚರ್ಚಿಸಿದರು. ಬಾಕಿ ಇರುವ ಯೋಜನೆಗಳನ್ನು ಶೀಘ್ರ ಪೂರ್ಣಗೊಳಿಸಲು ಸೂಚನೆ ನೀಡಿದರು. ಕೃಷಿಕರಿಗೆ ನೀರು ಒದಗಿಸುವುದು ಸರ್ಕಾರದ ಆದ್ಯತೆ ಎಂದರು. ಅನುದಾನ ಬಿಡುಗಡೆಗೆ ಕ್ರಮ ಕೈಗೊಳ್ಳಲಾಗುವುದು ಎಂದು ತಿಳಿಸಿದರು.

ಮುಂದುವರಿದ ಧರಣಿ

ಕುಗ ಬೇಡಿಕೆಗಳ ಈಡೇರಿಕೆಗೆ ಆಗ್ರಹಿಸಿ ನಡೆಯುತ್ತಿರುವ ಧರಣಿ 7 ಗಂಟೆಯವರೆಗೆ ಮುಂದುವರಿದಿದೆ. ಪ್ರತಿಭಟನಾಕಾರರು ಸರ್ಕಾರದ ವಿರುದ್ಧ ಘೋಷಣೆ ಕೂಗಿದರು.

ಸರ್ಕಾರದ ಮಾತುಕತೆ: ಬಿಡದಿಯ ನಡೆ ವಿಚಾರವಾಗಿ ಚರ್ಚೆ ನಡೆಸಲಾಯಿತು. ಅಧಿಕಾರಿಗಳು ಸ್ಥಳಕ್ಕೆ ಭೇಟಿ ನೀಡಿ ಪ್ರತಿಭಟನಾಕಾರರ ಮನವೊಲಿಸಲು ಯತ್ನಿಸಿದರು. ಬೇಡಿಕೆ ಈಡೇರುವವರೆಗೂ ಹೋರಾಟ ಮುಂದುವರಿಯಲಿದೆ ಎಂದು ಮುಖಂಡರು ಘೋಷಿಸಿದರು.

ಧರಣಿ ನಿರತರ ಜತೆ ಮಾತುಕತೆ ನಡೆಸಿದ ಅಧಿಕಾರಿಗಳು ಸಮಸ್ಯೆ ಪರಿಹರಿಸುವ ಭರವಸೆ ನೀಡಿದರು. ಆದರೆ ಪ್ರತಿಭಟನಾಕಾರರು ಲಿಖಿತ ಭರವಸೆಗೆ ಪಟ್ಟು ಹಿಡಿದರು. ಸ್ಥಳದಲ್ಲಿ ಬಿಗುವಿನ ವಾತಾವರಣ ನಿರ್ಮಾಣವಾಗಿತ್ತು. ಪೊಲೀಸ್ ಭದ್ರತೆ ಹೆಚ್ಚಿಸಲಾಗಿತ್ತು.

ಹೋರಾಟಕ್ಕೆ ವಿವಿಧ ಸಂಘಟನೆಗಳು ಬೆಂಬಲ ಸೂಚಿಸಿವೆ. ರೈತ ಸಂಘಟನೆಗಳ ಮುಖಂಡರು ಭಾಗವಹಿಸಿದ್ದರು. ಸರ್ಕಾರ ಕೂಡಲೇ ಸ್ಪಂದಿಸಬೇಕು ಎಂದು ಒತ್ತಾಯಿಸಿದರು.

ಕೇಂದ್ರ ಸರ್ಕಾರ ಕಪ್ಪಿಗೆ ಬೆಳೆ ನಿಧಿ ಮಾಡಿದೆ: ಎಂ

ಕಪ್ಪು ಕಾಳ ದರ ನಿಗದಿ ಕೈ ತಪ್ಪಿ ಹೋಗಿದೆ ಎಂದು ಮುಖ್ಯಮಂತ್ರಿ ಹೇಳಿದರು. ಎಂ.ಬಿ. ಪಾಟೀಲ್ ಅವರು ಕೇಂದ್ರದ ನೀತಿಗಳನ್ನು ಟೀಕಿಸಿದರು. ರೈತರಿಗೆ ನ್ಯಾಯಯುತ ಬೆಲೆ ದೊರಕಿಸಿಕೊಡಬೇಕು ಎಂದು ಒತ್ತಾಯಿಸಿದರು. ಬೆಂಬಲ ಬೆಲೆ ಘೋಷಣೆಗೆ ಆಗ್ರಹಿಸಿದರು.

ಸರ್ಕಾರಿ ಶಾಲೆಗಳಲ್ಲಿ ಪೋಷಕರ ಸಭೆ ಕಡ್ಡಾಯ

ಬೆಂಗಳೂರು: ಸರ್ಕಾರಿ ಶಾಲೆಗಳಲ್ಲಿ ಪೋಷಕರ ಸಭೆ ಕಡ್ಡಾಯವಾಗಿ ನಡೆಸಬೇಕು ಎಂದು ಶಿಕ್ಷಣ ಇಲಾಖೆ ಆದೇಶಿಸಿದೆ. ಪ್ರತಿ ತಿಂಗಳು ಪೋಷಕರ ಸಭೆ ನಡೆಸಿ ಮಕ್ಕಳ ಕಲಿಕಾ ಪ್ರಗತಿಯನ್ನು ತಿಳಿಸಬೇಕು. ಶಾಲೆಗಳಲ್ಲಿ ಹಾಜರಾತಿ ಹೆಚ್ಚಿಸಲು ಈ ಕ್ರಮ ಕೈಗೊಳ್ಳಲಾಗಿದೆ. ಶಿಕ್ಷಕರು ಪೋಷಕರೊಂದಿಗೆ ನಿರಂತರ ಸಂಪರ್ಕದಲ್ಲಿರಬೇಕು ಎಂದು ಸೂಚಿಸಲಾಗಿದೆ.

ಮಕ್ಕಳ ಕಲಿಕಾ ಮಟ್ಟದ ಮಾಹಿತಿ: ಪ್ರತಿ ವಿದ್ಯಾರ್ಥಿಯ ಕಲಿಕಾ ಮಟ್ಟವನ್ನು ದಾಖಲಿಸಬೇಕು. ಹಿಂದುಳಿದ ಮಕ್ಕಳಿಗೆ ವಿಶೇಷ ತರಬೇತಿ ನೀಡಬೇಕು. 2025–26ನೇ ಸಾಲಿನ ಶೈಕ್ಷಣಿಕ ವರ್ಷದಲ್ಲಿ ಈ ಯೋಜನೆ ಜಾರಿಗೆ ಬರಲಿದೆ. ಪ್ರತಿ ತಿಂಗಳ 10 ರಂದು ಸಭೆ ನಡೆಸಲು ತಿಳಿಸಲಾಗಿದೆ. ಶಾಲಾ ಅಭಿವೃದ್ಧಿ ಸಮಿತಿ ಸಭೆಯನ್ನೂ ನಡೆಸಬೇಕು. ಪೋಷಕರ ಸಲಹೆಗಳನ್ನು ಪರಿಗಣಿಸಬೇಕು ಎಂದು ಆದೇಶದಲ್ಲಿ ತಿಳಿಸಲಾಗಿದೆ.
